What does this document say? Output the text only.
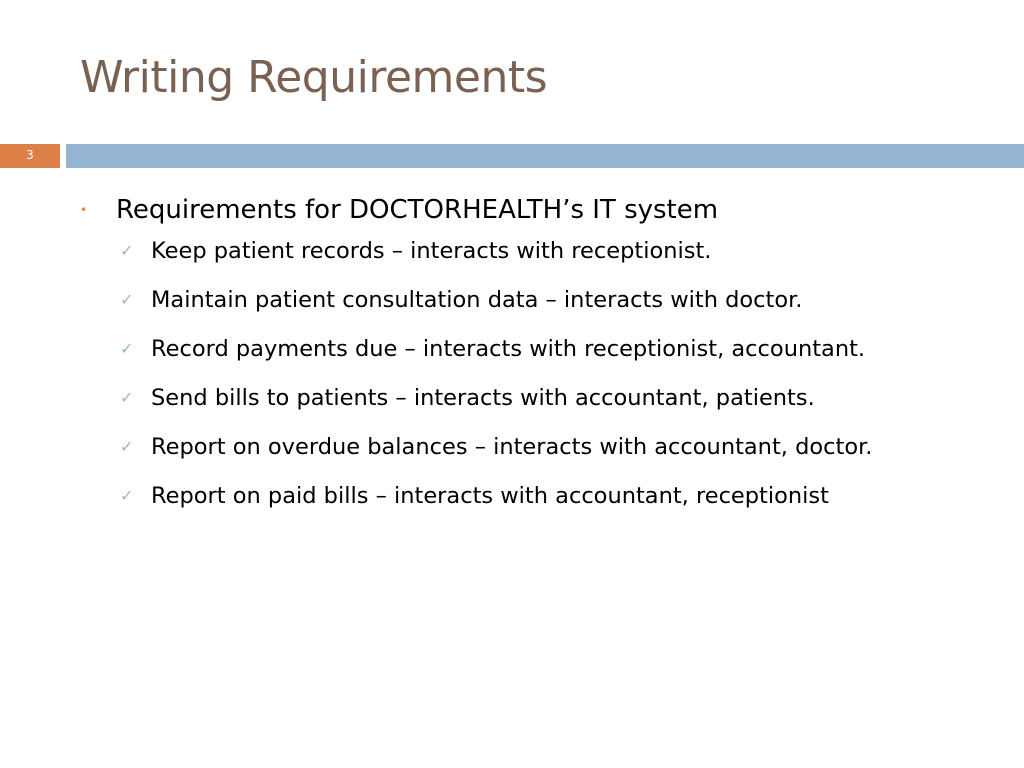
Writing Requirements
3
• Requirements for DOCTORHEALTH’s IT system
✓ Keep patient records – interacts with receptionist.
✓ Maintain patient consultation data – interacts with doctor.
✓ Record payments due – interacts with receptionist, accountant.
✓ Send bills to patients – interacts with accountant, patients.
✓ Report on overdue balances – interacts with accountant, doctor.
✓ Report on paid bills – interacts with accountant, receptionist
